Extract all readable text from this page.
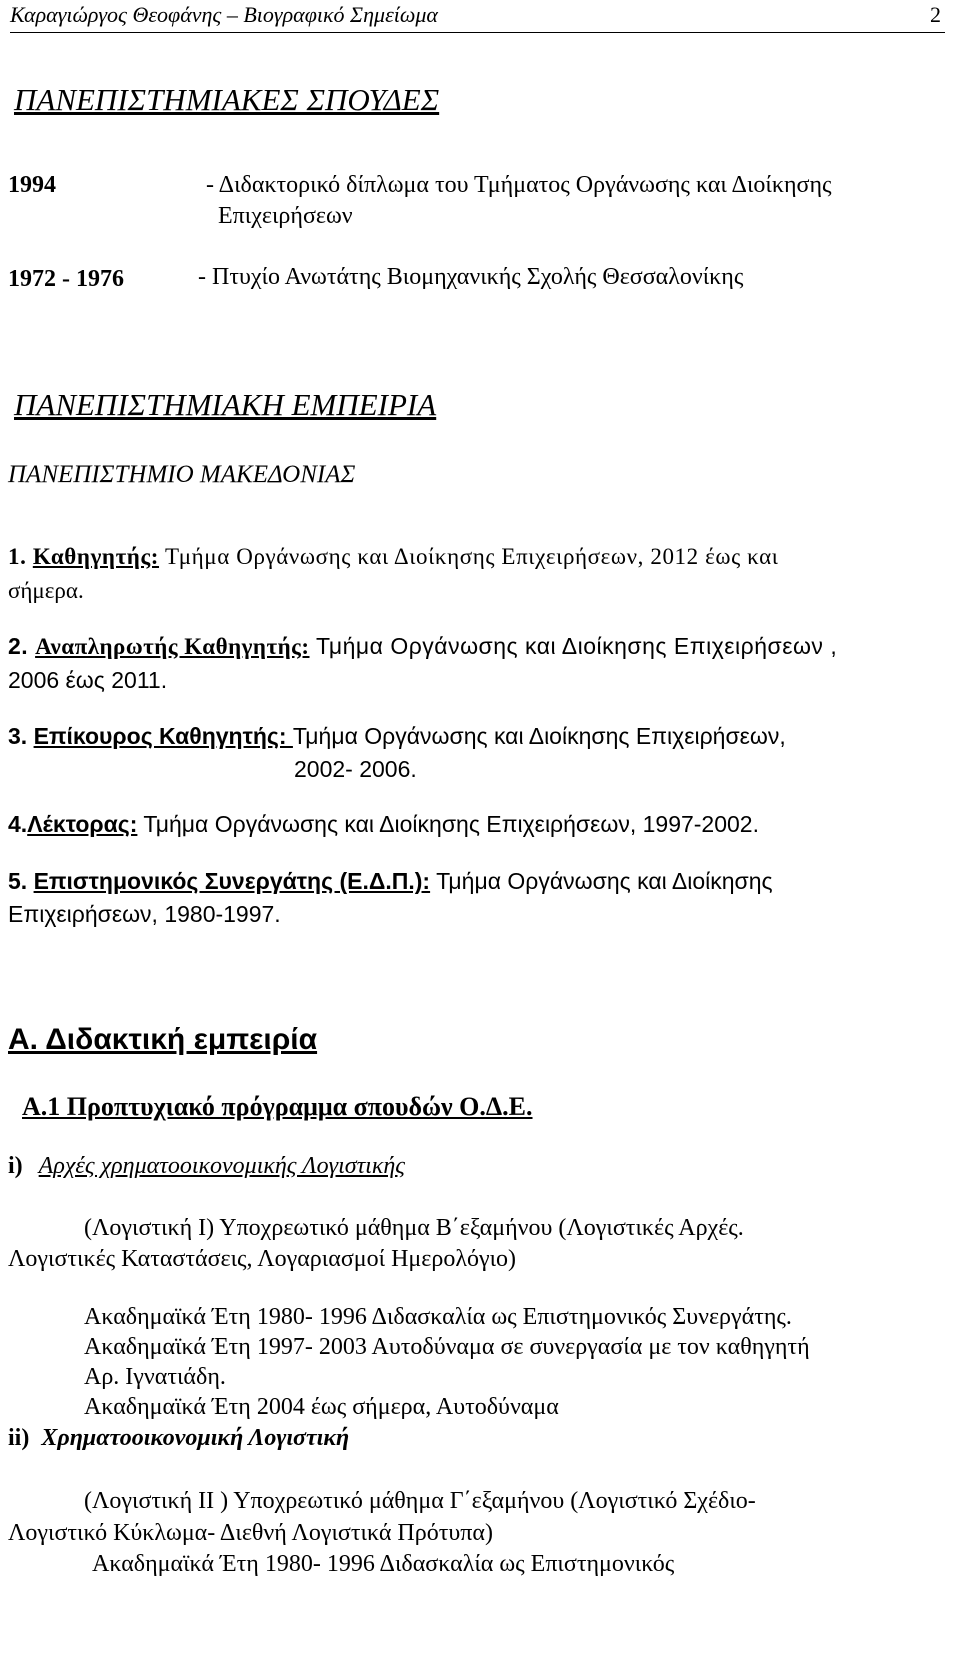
Καραγιώργος Θεοφάνης – Βιογραφικό Σημείωμα	2
ΠΑΝΕΠΙΣΤΗΜΙΑΚΕΣ ΣΠΟΥΔΕΣ
1994	- Διδακτορικό δίπλωμα του Τμήματος Οργάνωσης και Διοίκησης
Επιχειρήσεων
1972 - 1976	- Πτυχίο Ανωτάτης Βιομηχανικής Σχολής Θεσσαλονίκης
ΠΑΝΕΠΙΣΤΗΜΙΑΚΗ ΕΜΠΕΙΡΙΑ
ΠΑΝΕΠΙΣΤΗΜΙΟ ΜΑΚΕΔΟΝΙΑΣ
1. Καθηγητής: Τμήμα Οργάνωσης και Διοίκησης Επιχειρήσεων, 2012 έως και
σήμερα.
2. Αναπληρωτής Καθηγητής: Τμήμα Οργάνωσης και Διοίκησης Επιχειρήσεων ,
2006 έως 2011.
3. Επίκουρος Καθηγητής: Τμήμα Οργάνωσης και Διοίκησης Επιχειρήσεων,
2002- 2006.
4.Λέκτορας: Τμήμα Οργάνωσης και Διοίκησης Επιχειρήσεων, 1997-2002.
5. Επιστημονικός Συνεργάτης (Ε.Δ.Π.): Τμήμα Οργάνωσης και Διοίκησης
Επιχειρήσεων, 1980-1997.
Α. Διδακτική εμπειρία
Α.1 Προπτυχιακό πρόγραμμα σπουδών Ο.Δ.Ε.
i) Αρχές χρηματοοικονομικής Λογιστικής
(Λογιστική Ι) Υποχρεωτικό μάθημα Β΄εξαμήνου (Λογιστικές Αρχές.
Λογιστικές Καταστάσεις, Λογαριασμοί Ημερολόγιο)
Ακαδημαϊκά Έτη 1980- 1996 Διδασκαλία ως Επιστημονικός Συνεργάτης.
Ακαδημαϊκά Έτη 1997- 2003 Αυτοδύναμα σε συνεργασία με τον καθηγητή
Αρ. Ιγνατιάδη.
Ακαδημαϊκά Έτη 2004 έως σήμερα, Αυτοδύναμα
ii) Χρηματοοικονομική Λογιστική
(Λογιστική ΙΙ ) Υποχρεωτικό μάθημα Γ΄εξαμήνου (Λογιστικό Σχέδιο-
Λογιστικό Κύκλωμα- Διεθνή Λογιστικά Πρότυπα)
Ακαδημαϊκά Έτη 1980- 1996 Διδασκαλία ως Επιστημονικός
